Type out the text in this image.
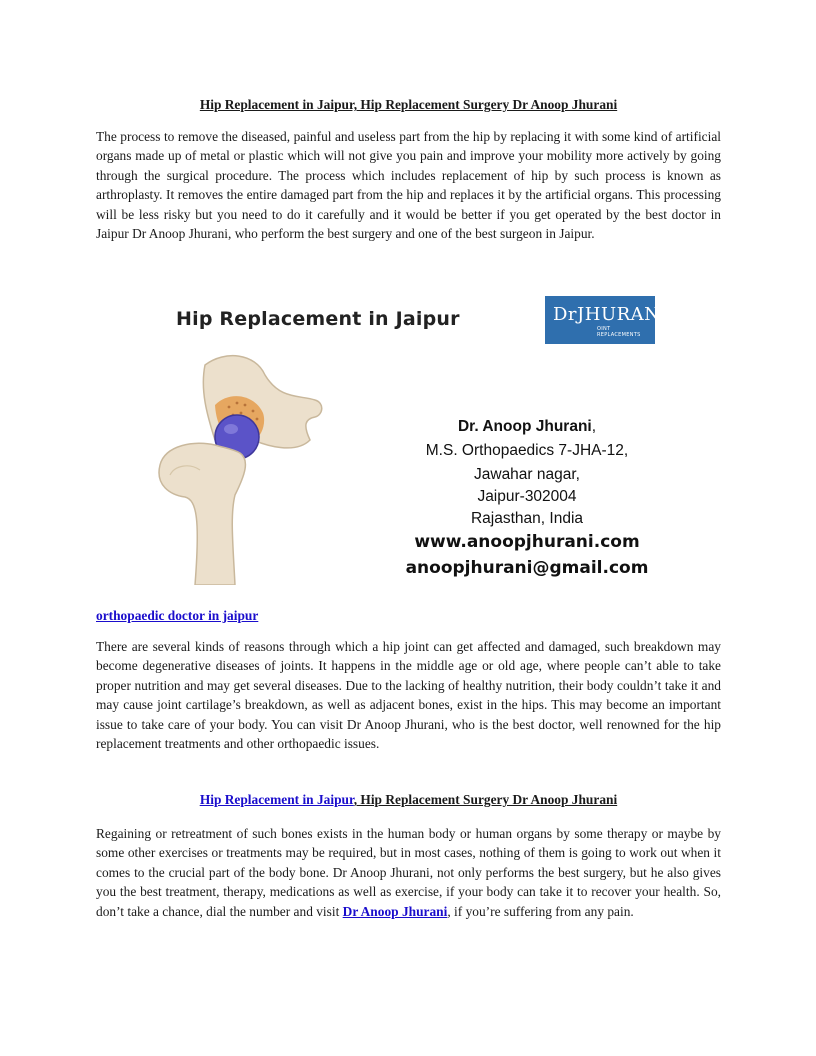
Hip Replacement in Jaipur, Hip Replacement Surgery Dr Anoop Jhurani

The process to remove the diseased, painful and useless part from the hip by replacing it with some kind of artificial organs made up of metal or plastic which will not give you pain and improve your mobility more actively by going through the surgical procedure. The process which includes replacement of hip by such process is known as arthroplasty. It removes the entire damaged part from the hip and replaces it by the artificial organs. This processing will be less risky but you need to do it carefully and it would be better if you get operated by the best doctor in Jaipur Dr Anoop Jhurani, who perform the best surgery and one of the best surgeon in Jaipur.

orthopaedic doctor in jaipur

There are several kinds of reasons through which a hip joint can get affected and damaged, such breakdown may become degenerative diseases of joints. It happens in the middle age or old age, where people can’t able to take proper nutrition and may get several diseases. Due to the lacking of healthy nutrition, their body couldn’t take it and may cause joint cartilage’s breakdown, as well as adjacent bones, exist in the hips. This may become an important issue to take care of your body. You can visit Dr Anoop Jhurani, who is the best doctor, well renowned for the hip replacement treatments and other orthopaedic issues.

Hip Replacement in Jaipur, Hip Replacement Surgery Dr Anoop Jhurani

Regaining or retreatment of such bones exists in the human body or human organs by some therapy or maybe by some other exercises or treatments may be required, but in most cases, nothing of them is going to work out when it comes to the crucial part of the body bone. Dr Anoop Jhurani, not only performs the best surgery, but he also gives you the best treatment, therapy, medications as well as exercise, if your body can take it to recover your health. So, don’t take a chance, dial the number and visit Dr Anoop Jhurani, if you’re suffering from any pain.

Hip Replacement in Jaipur	DrJHURANI
OINT REPLACEMENTS
Dr. Anoop Jhurani,
M.S. Orthopaedics 7-JHA-12,
Jawahar nagar,
Jaipur-302004
Rajasthan, India
www.anoopjhurani.com
anoopjhurani@gmail.com
